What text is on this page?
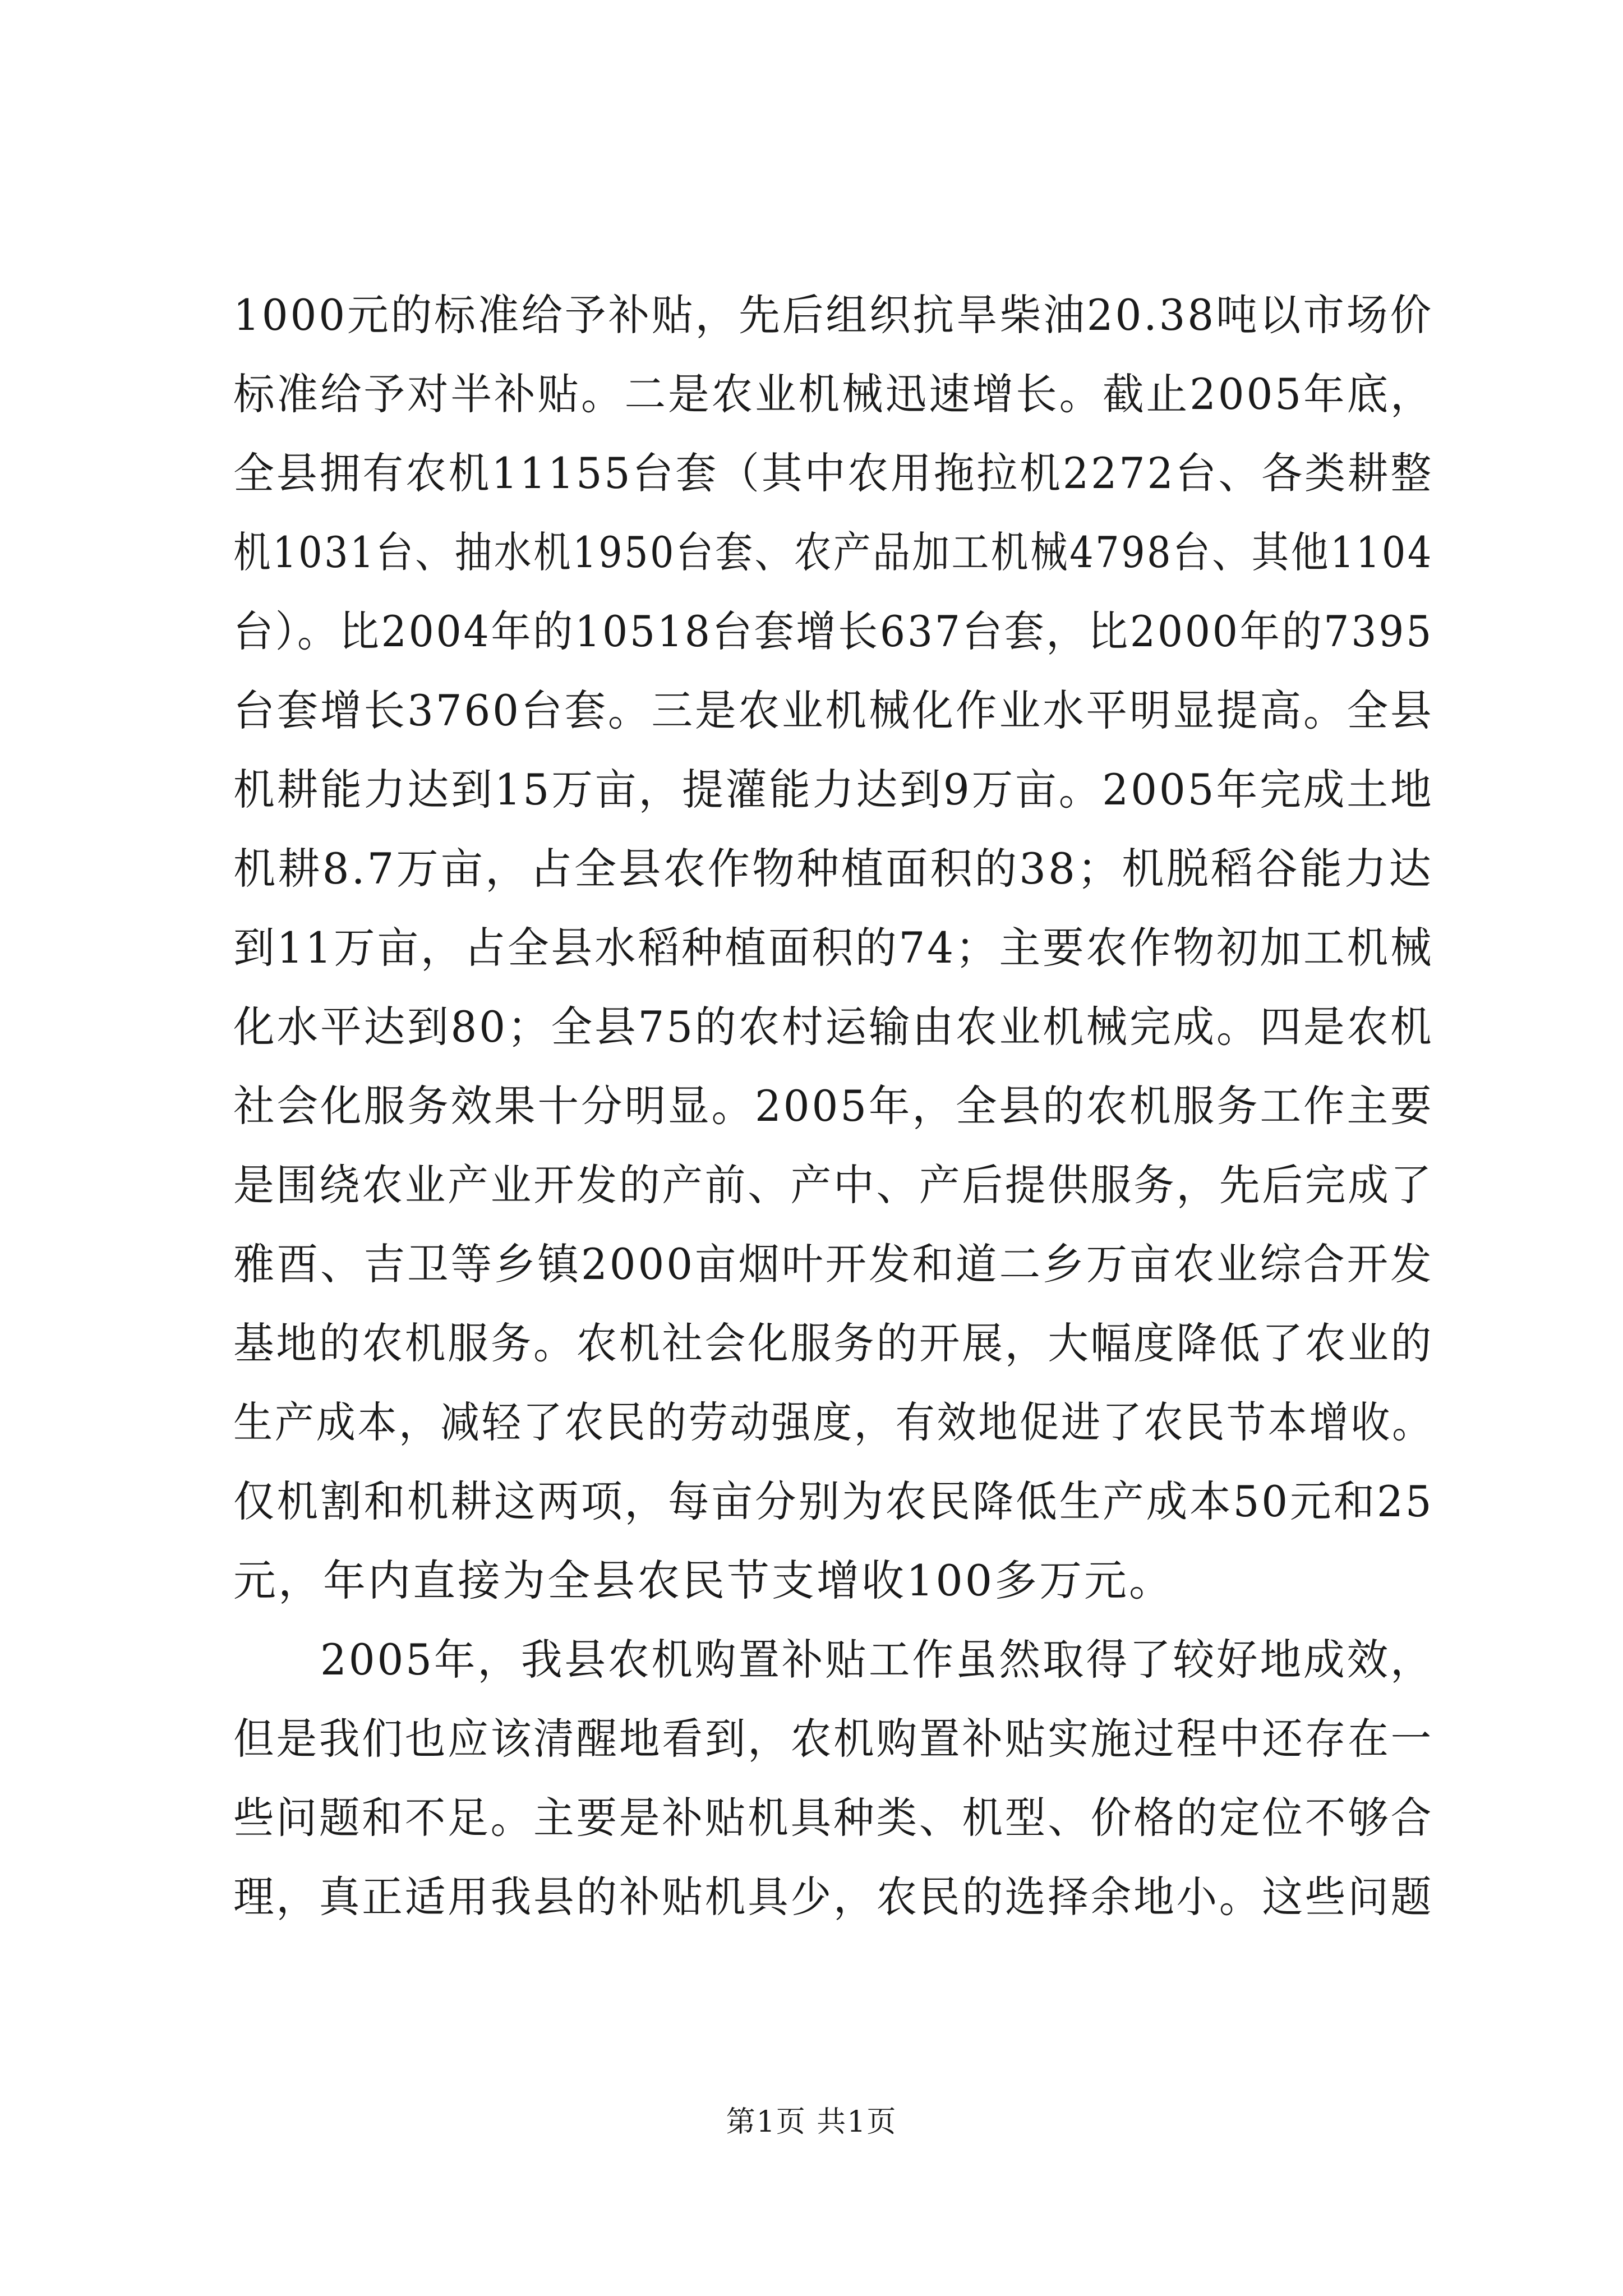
1000元的标准给予补贴，先后组织抗旱柴油20.38吨以市场价
标准给予对半补贴。二是农业机械迅速增长。截止2005年底，
全县拥有农机11155台套（其中农用拖拉机2272台、各类耕整
机1031台、抽水机1950台套、农产品加工机械4798台、其他1104
台）。比2004年的10518台套增长637台套，比2000年的7395
台套增长3760台套。三是农业机械化作业水平明显提高。全县
机耕能力达到15万亩，提灌能力达到9万亩。2005年完成土地
机耕8.7万亩，占全县农作物种植面积的38；机脱稻谷能力达
到11万亩，占全县水稻种植面积的74；主要农作物初加工机械
化水平达到80；全县75的农村运输由农业机械完成。四是农机
社会化服务效果十分明显。2005年，全县的农机服务工作主要
是围绕农业产业开发的产前、产中、产后提供服务，先后完成了
雅酉、吉卫等乡镇2000亩烟叶开发和道二乡万亩农业综合开发
基地的农机服务。农机社会化服务的开展，大幅度降低了农业的
生产成本，减轻了农民的劳动强度，有效地促进了农民节本增收。
仅机割和机耕这两项，每亩分别为农民降低生产成本50元和25
元，年内直接为全县农民节支增收100多万元。
2005年，我县农机购置补贴工作虽然取得了较好地成效，
但是我们也应该清醒地看到，农机购置补贴实施过程中还存在一
些问题和不足。主要是补贴机具种类、机型、价格的定位不够合
理，真正适用我县的补贴机具少，农民的选择余地小。这些问题
第1页 共1页
